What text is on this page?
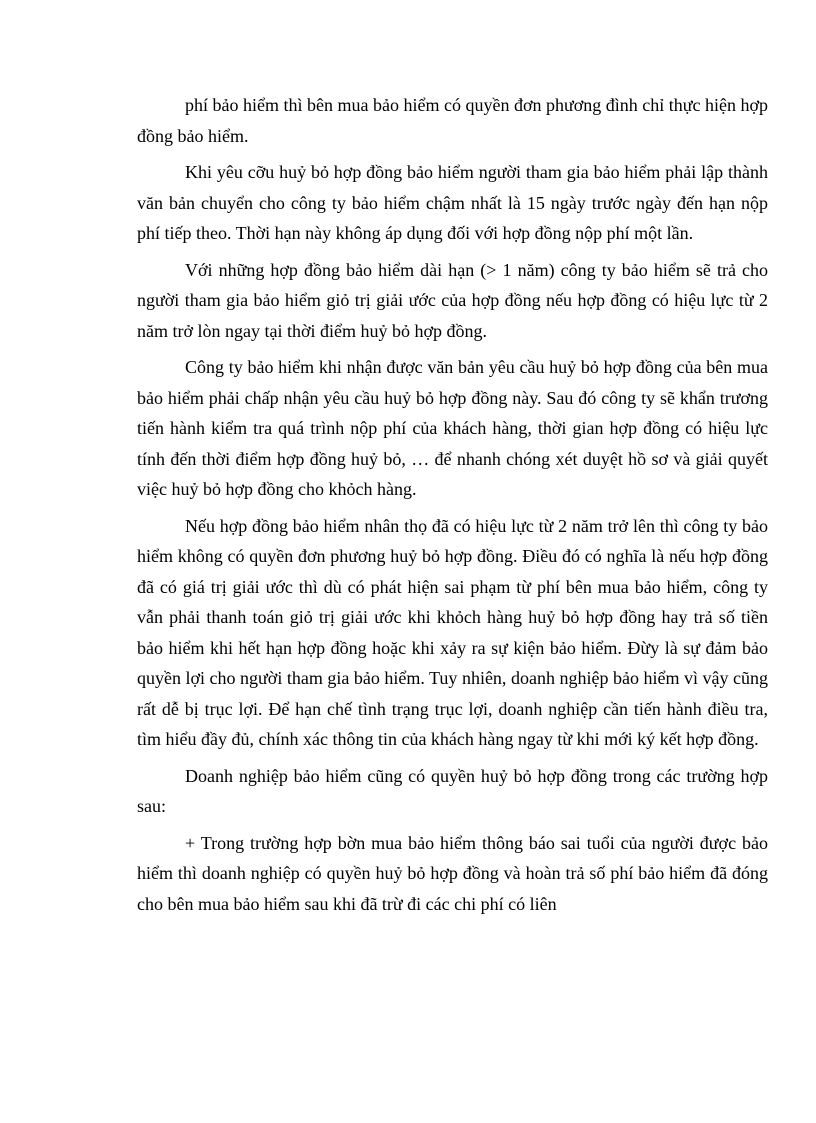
phí bảo hiểm thì bên mua bảo hiểm có quyền đơn phương đình chỉ thực hiện hợp đồng bảo hiểm.

Khi yêu cỡu huỷ bỏ hợp đồng bảo hiểm người tham gia bảo hiểm phải lập thành văn bản chuyển cho công ty bảo hiểm chậm nhất là 15 ngày trước ngày đến hạn nộp phí tiếp theo. Thời hạn này không áp dụng đối với hợp đồng nộp phí một lần.

Với những hợp đồng bảo hiểm dài hạn (> 1 năm) công ty bảo hiểm sẽ trả cho người tham gia bảo hiểm giỏ trị giải ước của hợp đồng nếu hợp đồng có hiệu lực từ 2 năm trở lòn ngay tại thời điểm huỷ bỏ hợp đồng.

Công ty bảo hiểm khi nhận được văn bản yêu cầu huỷ bỏ hợp đồng của bên mua bảo hiểm phải chấp nhận yêu cầu huỷ bỏ hợp đồng này. Sau đó công ty sẽ khẩn trương tiến hành kiểm tra quá trình nộp phí của khách hàng, thời gian hợp đồng có hiệu lực tính đến thời điểm hợp đồng huỷ bỏ, … để nhanh chóng xét duyệt hồ sơ và giải quyết việc huỷ bỏ hợp đồng cho khỏch hàng.

Nếu hợp đồng bảo hiểm nhân thọ đã có hiệu lực từ 2 năm trở lên thì công ty bảo hiểm không có quyền đơn phương huỷ bỏ hợp đồng. Điều đó có nghĩa là nếu hợp đồng đã có giá trị giải ước thì dù có phát hiện sai phạm từ phí bên mua bảo hiểm, công ty vẫn phải thanh toán giỏ trị giải ước khi khỏch hàng huỷ bỏ hợp đồng hay trả số tiền bảo hiểm khi hết hạn hợp đồng hoặc khi xảy ra sự kiện bảo hiểm. Đừy là sự đảm bảo quyền lợi cho người tham gia bảo hiểm. Tuy nhiên, doanh nghiệp bảo hiểm vì vậy cũng rất dễ bị trục lợi. Để hạn chế tình trạng trục lợi, doanh nghiệp cần tiến hành điều tra, tìm hiểu đầy đủ, chính xác thông tin của khách hàng ngay từ khi mới ký kết hợp đồng.

Doanh nghiệp bảo hiểm cũng có quyền huỷ bỏ hợp đồng trong các trường hợp sau:

+ Trong trường hợp bờn mua bảo hiểm thông báo sai tuổi của người được bảo hiểm thì doanh nghiệp có quyền huỷ bỏ hợp đồng và hoàn trả số phí bảo hiểm đã đóng cho bên mua bảo hiểm sau khi đã trừ đi các chi phí có liên
